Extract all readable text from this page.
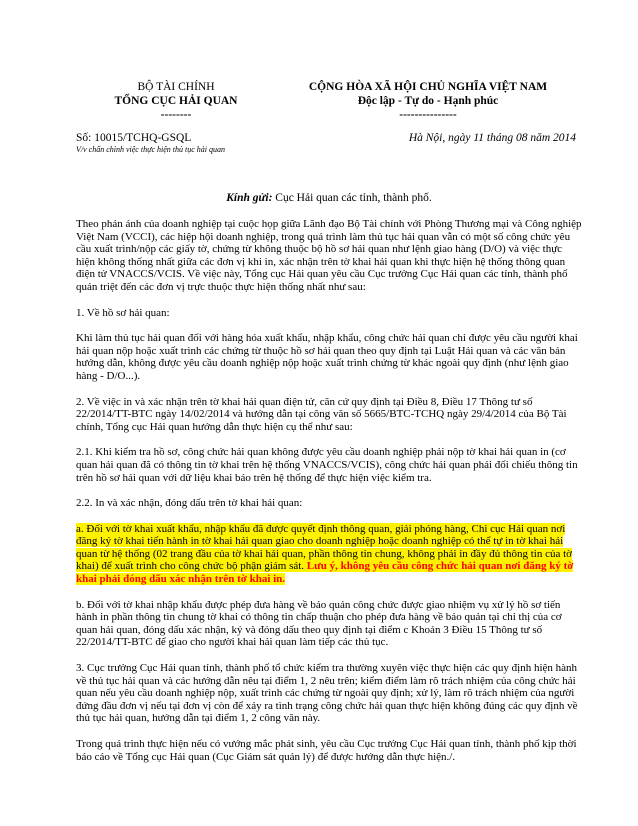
BỘ TÀI CHÍNH
TỔNG CỤC HẢI QUAN
--------
CỘNG HÒA XÃ HỘI CHỦ NGHĨA VIỆT NAM
Độc lập - Tự do - Hạnh phúc
---------------
Số: 10015/TCHQ-GSQL	Hà Nội, ngày 11 tháng 08 năm 2014
V/v chấn chỉnh việc thực hiện thủ tục hải quan
Kính gửi: Cục Hải quan các tỉnh, thành phố.

Theo phản ánh của doanh nghiệp tại cuộc họp giữa Lãnh đạo Bộ Tài chính với Phòng Thương mại và Công nghiệp Việt Nam (VCCI), các hiệp hội doanh nghiệp, trong quá trình làm thủ tục hải quan vẫn có một số công chức yêu cầu xuất trình/nộp các giấy tờ, chứng từ không thuộc bộ hồ sơ hải quan như lệnh giao hàng (D/O) và việc thực hiện không thống nhất giữa các đơn vị khi in, xác nhận trên tờ khai hải quan khi thực hiện hệ thống thông quan điện tử VNACCS/VCIS. Về việc này, Tổng cục Hải quan yêu cầu Cục trưởng Cục Hải quan các tỉnh, thành phố quán triệt đến các đơn vị trực thuộc thực hiện thống nhất như sau:

1. Về hồ sơ hải quan:

Khi làm thủ tục hải quan đối với hàng hóa xuất khẩu, nhập khẩu, công chức hải quan chỉ được yêu cầu người khai hải quan nộp hoặc xuất trình các chứng từ thuộc hồ sơ hải quan theo quy định tại Luật Hải quan và các văn bản hướng dẫn, không được yêu cầu doanh nghiệp nộp hoặc xuất trình chứng từ khác ngoài quy định (như lệnh giao hàng - D/O...).

2. Về việc in và xác nhận trên tờ khai hải quan điện tử, căn cứ quy định tại Điều 8, Điều 17 Thông tư số 22/2014/TT-BTC ngày 14/02/2014 và hướng dẫn tại công văn số 5665/BTC-TCHQ ngày 29/4/2014 của Bộ Tài chính, Tổng cục Hải quan hướng dẫn thực hiện cụ thể như sau:

2.1. Khi kiểm tra hồ sơ, công chức hải quan không được yêu cầu doanh nghiệp phải nộp tờ khai hải quan in (cơ quan hải quan đã có thông tin tờ khai trên hệ thống VNACCS/VCIS), công chức hải quan phải đối chiếu thông tin trên hồ sơ hải quan với dữ liệu khai báo trên hệ thống để thực hiện việc kiểm tra.

2.2. In và xác nhận, đóng dấu trên tờ khai hải quan:

a. Đối với tờ khai xuất khẩu, nhập khẩu đã được quyết định thông quan, giải phóng hàng, Chi cục Hải quan nơi đăng ký tờ khai tiến hành in tờ khai hải quan giao cho doanh nghiệp hoặc doanh nghiệp có thể tự in tờ khai hải quan từ hệ thống (02 trang đầu của tờ khai hải quan, phần thông tin chung, không phải in đầy đủ thông tin của tờ khai) để xuất trình cho công chức bộ phận giám sát. Lưu ý, không yêu cầu công chức hải quan nơi đăng ký tờ khai phải đóng dấu xác nhận trên tờ khai in.

b. Đối với tờ khai nhập khẩu được phép đưa hàng về bảo quản công chức được giao nhiệm vụ xử lý hồ sơ tiến hành in phần thông tin chung tờ khai có thông tin chấp thuận cho phép đưa hàng về bảo quản tại chỉ thị của cơ quan hải quan, đóng dấu xác nhận, ký và đóng dấu theo quy định tại điểm c Khoản 3 Điều 15 Thông tư số 22/2014/TT-BTC để giao cho người khai hải quan làm tiếp các thủ tục.

3. Cục trưởng Cục Hải quan tỉnh, thành phố tổ chức kiểm tra thường xuyên việc thực hiện các quy định hiện hành về thủ tục hải quan và các hướng dẫn nêu tại điểm 1, 2 nêu trên; kiểm điểm làm rõ trách nhiệm của công chức hải quan nếu yêu cầu doanh nghiệp nộp, xuất trình các chứng từ ngoài quy định; xử lý, làm rõ trách nhiệm của người đứng đầu đơn vị nếu tại đơn vị còn để xảy ra tình trạng công chức hải quan thực hiện không đúng các quy định về thủ tục hải quan, hướng dẫn tại điểm 1, 2 công văn này.

Trong quá trình thực hiện nếu có vướng mắc phát sinh, yêu cầu Cục trưởng Cục Hải quan tỉnh, thành phố kịp thời báo cáo về Tổng cục Hải quan (Cục Giám sát quản lý) để được hướng dẫn thực hiện./.
